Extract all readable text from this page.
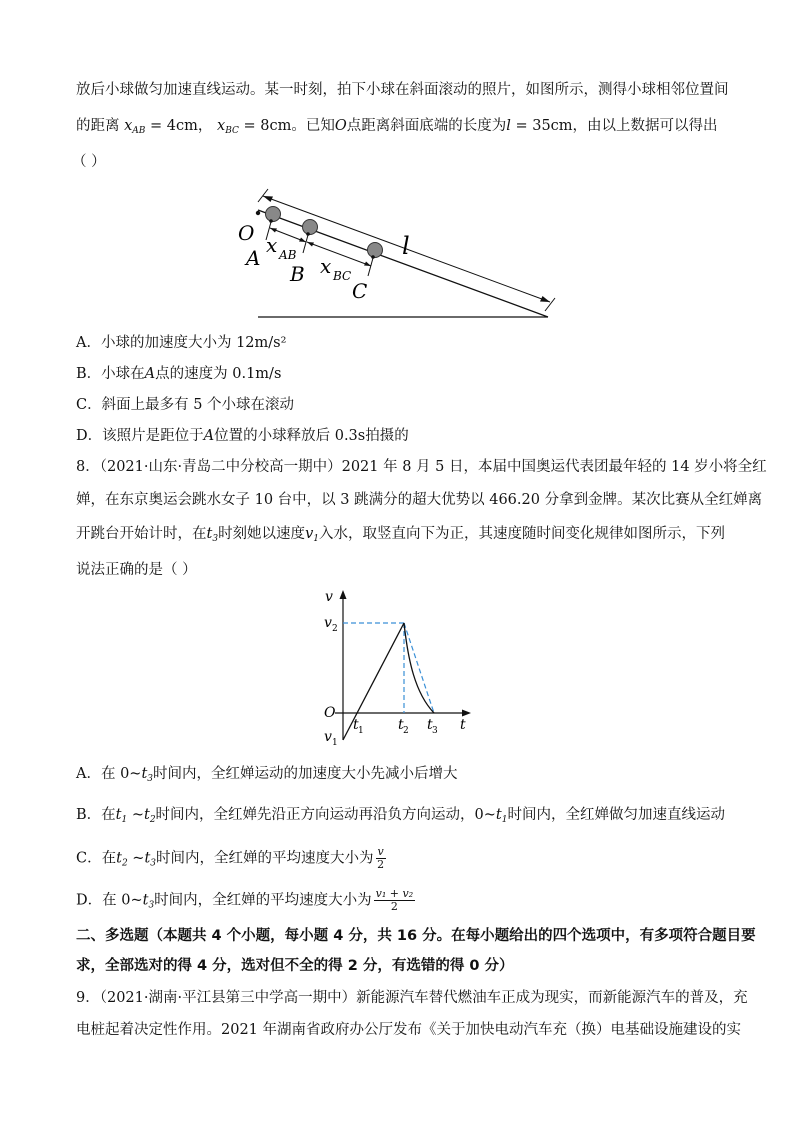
放后小球做匀加速直线运动。某一时刻，拍下小球在斜面滚动的照片，如图所示，测得小球相邻位置间
的距离 $x_{AB} = 4cm$， $x_{BC} = 8cm$。已知O点距离斜面底端的长度为l = 35cm，由以上数据可以得出
（ ）
O
A
B
C
x AB x BC
l
A．小球的加速度大小为 12m/s²
B．小球在A点的速度为 0.1m/s
C．斜面上最多有 5 个小球在滚动
D．该照片是距位于A位置的小球释放后 0.3s拍摄的
8．（2021·山东·青岛二中分校高一期中）2021 年 8 月 5 日，本届中国奥运代表团最年轻的 14 岁小将全红
婵，在东京奥运会跳水女子 10 台中，以 3 跳满分的超大优势以 466.20 分拿到金牌。某次比赛从全红婵离
开跳台开始计时，在$t_3$时刻她以速度$v_1$入水，取竖直向下为正，其速度随时间变化规律如图所示，下列
说法正确的是（ ）
v
v 2
O
v 1
t 1 t 2 t 3 t
A．在 $0\sim t_3$时间内，全红婵运动的加速度大小先减小后增大
B．在$t_1$ $\sim t_2$时间内，全红婵先沿正方向运动再沿负方向运动，$0\sim t_1$时间内，全红婵做匀加速直线运动
C．在$t_2$ $\sim t_3$时间内，全红婵的平均速度大小为 $\frac{v}{2}$
D．在 $0\sim t_3$时间内，全红婵的平均速度大小为 $\frac{\text{v₁ + v₂}}{2}$
二、多选题（本题共 4 个小题，每小题 4 分，共 16 分。在每小题给出的四个选项中，有多项符合题目要
求，全部选对的得 4 分，选对但不全的得 2 分，有选错的得 0 分）
9．（2021·湖南·平江县第三中学高一期中）新能源汽车替代燃油车正成为现实，而新能源汽车的普及，充
电桩起着决定性作用。2021 年湖南省政府办公厅发布《关于加快电动汽车充（换）电基础设施建设的实
